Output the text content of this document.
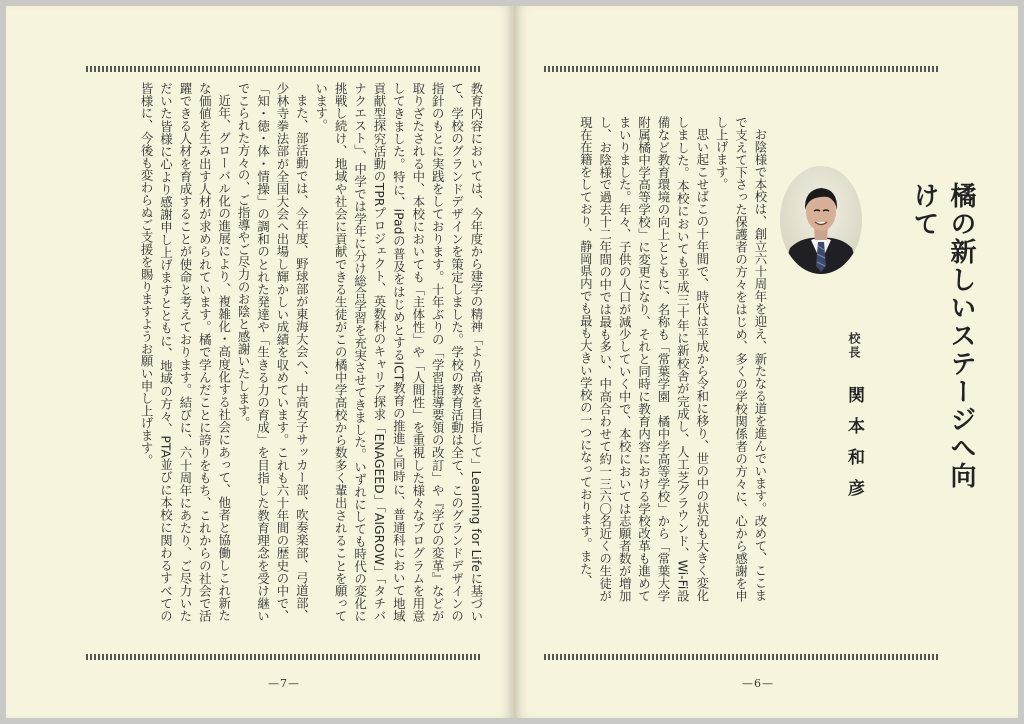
教育内容においては、今年度から建学の精神「より高きを目指して」Learning for Lifeに基づいて、学校のグランドデザインを策定しました。学校の教育活動は全て、このグランドデザインの指針のもとに実践をしております。十年ぶりの「学習指導要領の改訂」や『学びの変革』などが取りざたされる中、本校においても「主体性」や「人間性」を重視した様々なプログラムを用意してきました。特に、iPadの普及をはじめとするICT教育の推進と同時に、普通科において地域貢献型探究活動のTPRプロジェクト、英数科のキャリア探求「ENAGEED」「AIGROW」「タチバナクエスト」、中学では学年に分け総合学習を充実させてきました。いずれにしても時代の変化に挑戦し続け、地域や社会に貢献できる生徒がこの橘中学高校から数多く輩出されることを願っています。

また、部活動では、今年度、野球部が東海大会へ、中高女子サッカー部、吹奏楽部、弓道部、少林寺拳法部が全国大会へ出場し輝かしい成績を収めています。これも六十年間の歴史の中で、「知・徳・体・情操」の調和のとれた発達や「生きる力の育成」を目指した教育理念を受け継いでこられた方々の、ご指導やご尽力のお陰と感謝いたします。

近年、グローバル化の進展により、複雑化・高度化する社会にあって、他者と協働しこれ新たな価値を生み出す人材が求められています。橘で学んだことに誇りをもち、これからの社会で活躍できる人材を育成することが使命と考えております。結びに、六十周年にあたり、ご尽力いただいた皆様に心より感謝申し上げますとともに、地域の方々、PTA並びに本校に関わるすべての皆様に、今後も変わらぬご支援を賜りますようお願い申し上げます。

—7—
橘の新しいステージへ向けて
校長
関本和彦

お陰様で本校は、創立六十周年を迎え、新たなる道を進んでいます。改めて、ここまで支えて下さった保護者の方々をはじめ、多くの学校関係者の方々に、心から感謝を申し上げます。

思い起こせばこの十年間で、時代は平成から令和に移り、世の中の状況も大きく変化しました。本校においても平成三十年に新校舎が完成し、人工芝グラウンド、Wi-Fi設備など教育環境の向上とともに、名称も「常葉学園　橘中学高等学校」から「常葉大学附属橘中学高等学校」に変更になり、それと同時に教育内容における学校改革も進めてまいりました。年々、子供の人口が減少していく中で、本校においては志願者数が増加し、お陰様で過去十二年間の中では最も多い、中高合わせて約一三六〇名近くの生徒が現在在籍をしており、静岡県内でも最も大きい学校の一つになっております。また、

—6—
